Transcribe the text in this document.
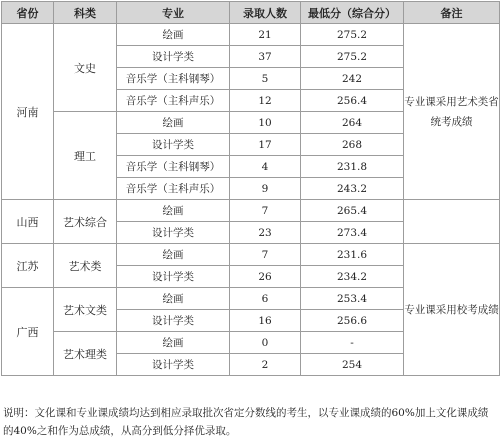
省份	科类	专业	录取人数	最低分（综合分）	备注
河南	文史	绘画	21	275.2	专业课采用艺术类省统考成绩
		设计学类	37	275.2	
		音乐学（主科钢琴）	5	242	
		音乐学（主科声乐）	12	256.4	
	理工	绘画	10	264	
		设计学类	17	268	
		音乐学（主科钢琴）	4	231.8	
		音乐学（主科声乐）	9	243.2	
山西	艺术综合	绘画	7	265.4	
		设计学类	23	273.4	
江苏	艺术类	绘画	7	231.6	专业课采用校考成绩
		设计学类	26	234.2	
广西	艺术文类	绘画	6	253.4	
		设计学类	16	256.6	
	艺术理类	绘画	0	-	
		设计学类	2	254	

说明：文化课和专业课成绩均达到相应录取批次省定分数线的考生，以专业课成绩的60%加上文化课成绩的40%之和作为总成绩，从高分到低分择优录取。
